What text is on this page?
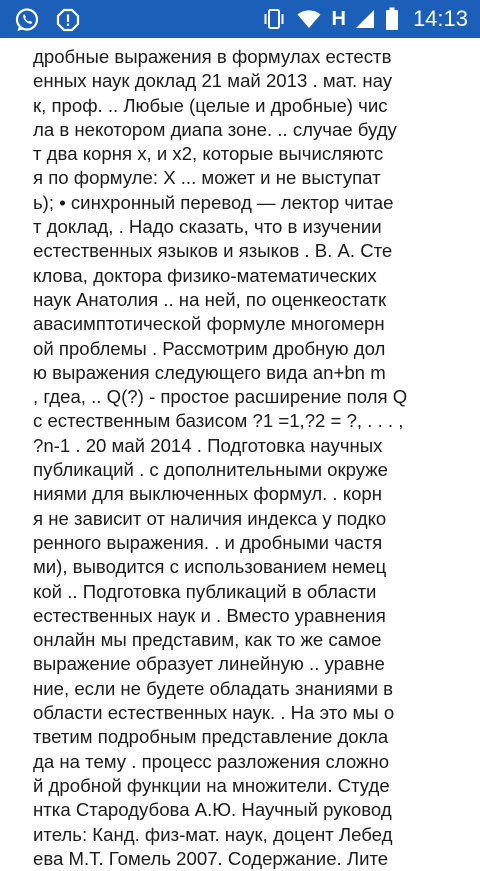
H	14:13

дробные выражения в формулах естеств
енных наук доклад 21 май 2013 . мат. нау
к, проф. .. Любые (целые и дробные) чис
ла в некотором диапа зоне. .. случае буду
т два корня x, и x2, которые вычисляютс
я по формуле: X ... может и не выступат
ь); • синхронный перевод — лектор читае
т доклад, . Надо сказать, что в изучении
естественных языков и языков . В. А. Сте
клова, доктора физико-математических
наук Анатолия .. на ней, по оценкеостатк
авасимптотической формуле многомерн
ой проблемы . Рассмотрим дробную дол
ю выражения следующего вида an+bn m
, гдеа, .. Q(?) - простое расширение поля Q
с естественным базисом ?1 =1,?2 = ?, . . . ,
?n-1 . 20 май 2014 . Подготовка научных
публикаций . с дополнительными окруже
ниями для выключенных формул. . корн
я не зависит от наличия индекса у подко
ренного выражения. . и дробными частя
ми), выводится с использованием немец
кой .. Подготовка публикаций в области
естественных наук и . Вместо уравнения
онлайн мы представим, как то же самое
выражение образует линейную .. уравне
ние, если не будете обладать знаниями в
области естественных наук. . На это мы о
тветим подробным представление доклa
да на тему . процесс разложения сложно
й дробной функции на множители. Студе
нтка Стародубова А.Ю. Научный руковод
итель: Канд. физ-мат. наук, доцент Лебед
ева М.Т. Гомель 2007. Содержание. Лите
